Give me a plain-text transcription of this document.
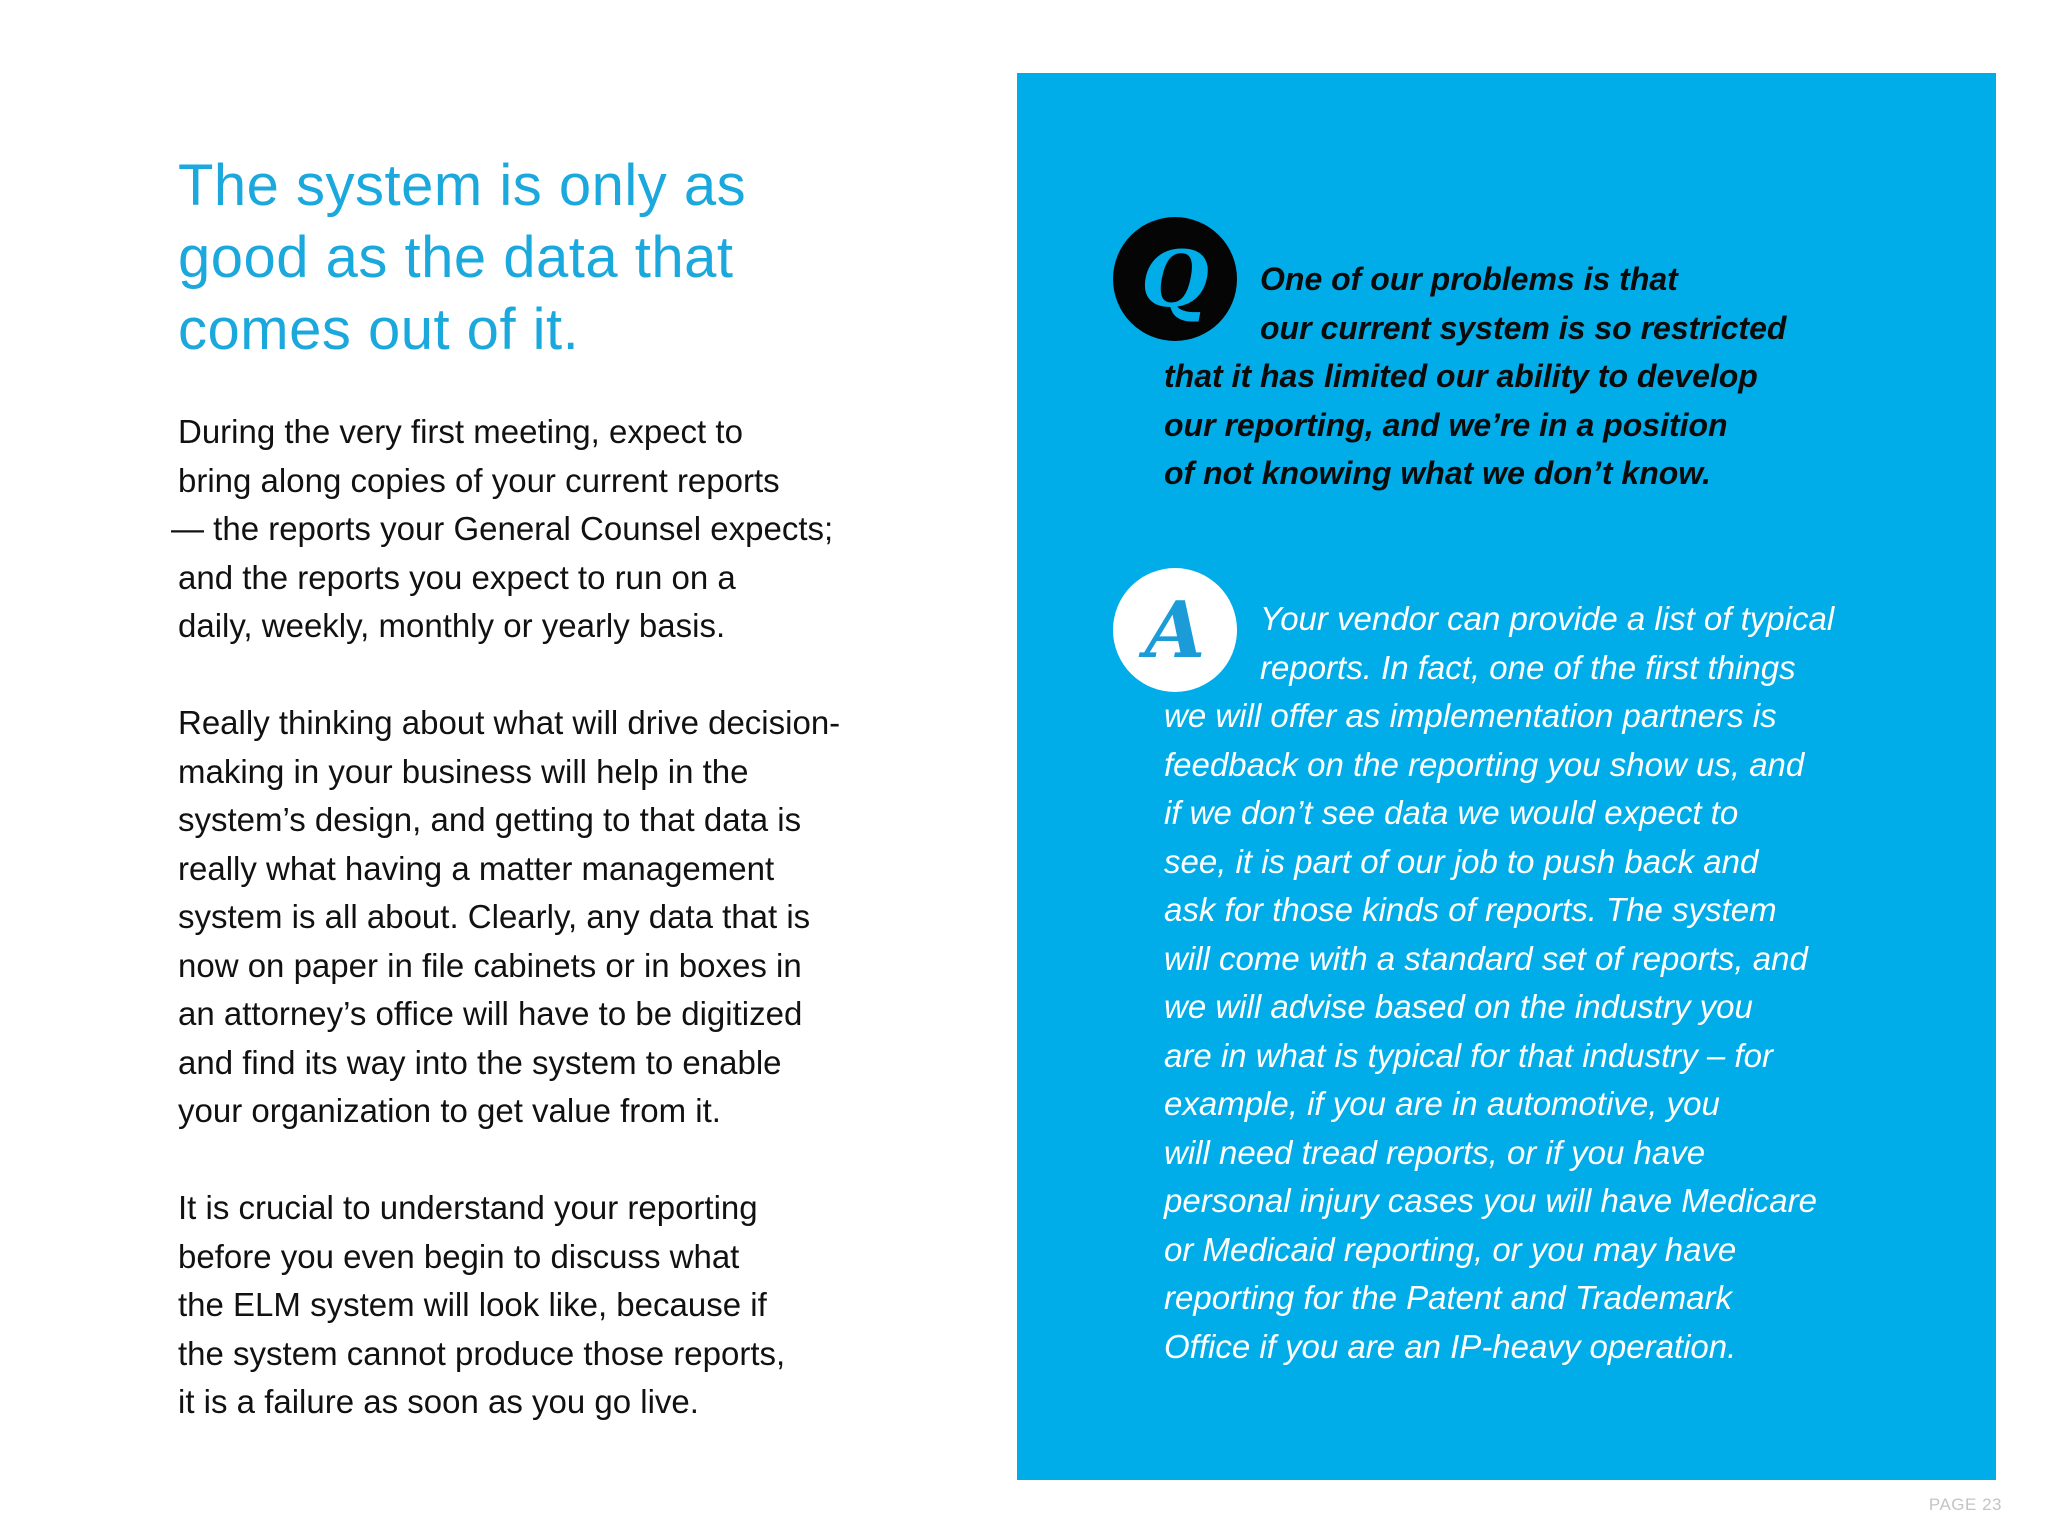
The system is only as
good as the data that
comes out of it.

During the very first meeting, expect to
bring along copies of your current reports
— the reports your General Counsel expects;
and the reports you expect to run on a
daily, weekly, monthly or yearly basis.

Really thinking about what will drive decision-
making in your business will help in the
system’s design, and getting to that data is
really what having a matter management
system is all about. Clearly, any data that is
now on paper in file cabinets or in boxes in
an attorney’s office will have to be digitized
and find its way into the system to enable
your organization to get value from it.

It is crucial to understand your reporting
before you even begin to discuss what
the ELM system will look like, because if
the system cannot produce those reports,
it is a failure as soon as you go live.

Q	One of our problems is that
our current system is so restricted
that it has limited our ability to develop
our reporting, and we’re in a position
of not knowing what we don’t know.
A	Your vendor can provide a list of typical
reports. In fact, one of the first things
we will offer as implementation partners is
feedback on the reporting you show us, and
if we don’t see data we would expect to
see, it is part of our job to push back and
ask for those kinds of reports. The system
will come with a standard set of reports, and
we will advise based on the industry you
are in what is typical for that industry – for
example, if you are in automotive, you
will need tread reports, or if you have
personal injury cases you will have Medicare
or Medicaid reporting, or you may have
reporting for the Patent and Trademark
Office if you are an IP-heavy operation.
PAGE 23
